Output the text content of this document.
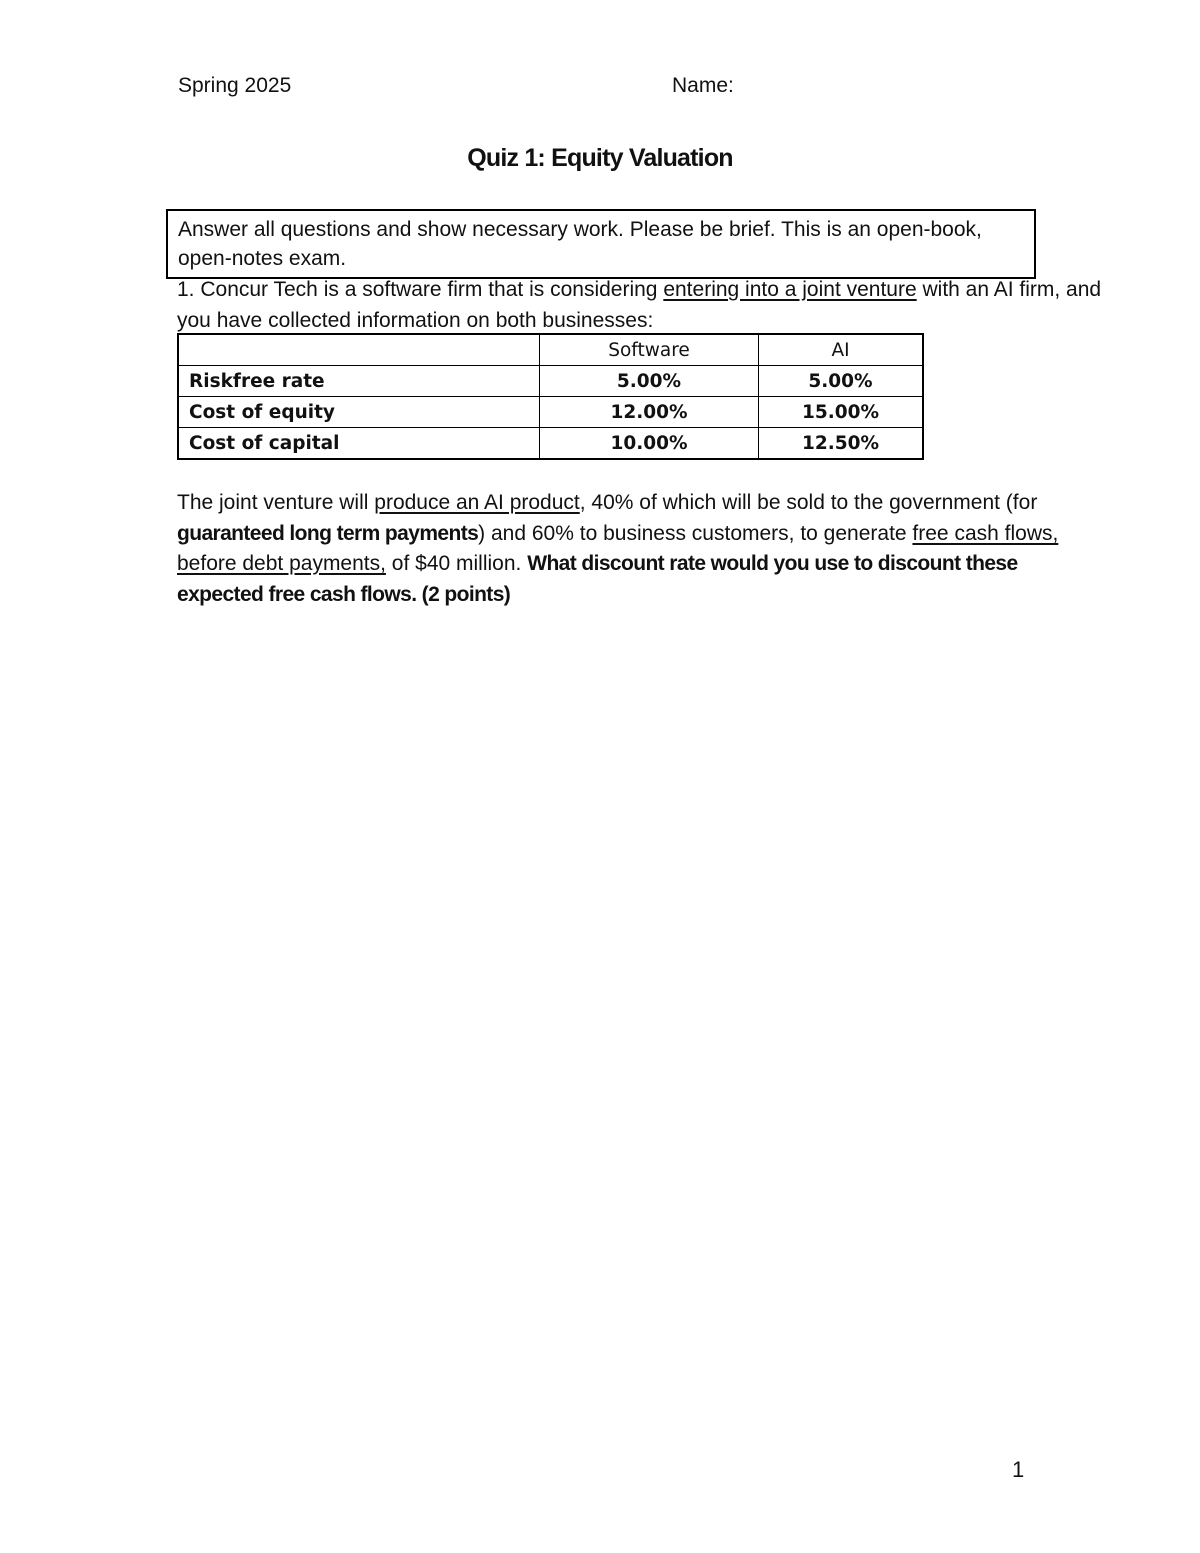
Spring 2025	Name:
Quiz 1: Equity Valuation
Answer all questions and show necessary work. Please be brief. This is an open-book, open-notes exam.
1. Concur Tech is a software firm that is considering entering into a joint venture with an AI firm, and you have collected information on both businesses:
	Software	AI
Riskfree rate	5.00%	5.00%
Cost of equity	12.00%	15.00%
Cost of capital	10.00%	12.50%
The joint venture will produce an AI product, 40% of which will be sold to the government (for guaranteed long term payments) and 60% to business customers, to generate free cash flows, before debt payments, of $40 million. What discount rate would you use to discount these expected free cash flows. (2 points)
1
